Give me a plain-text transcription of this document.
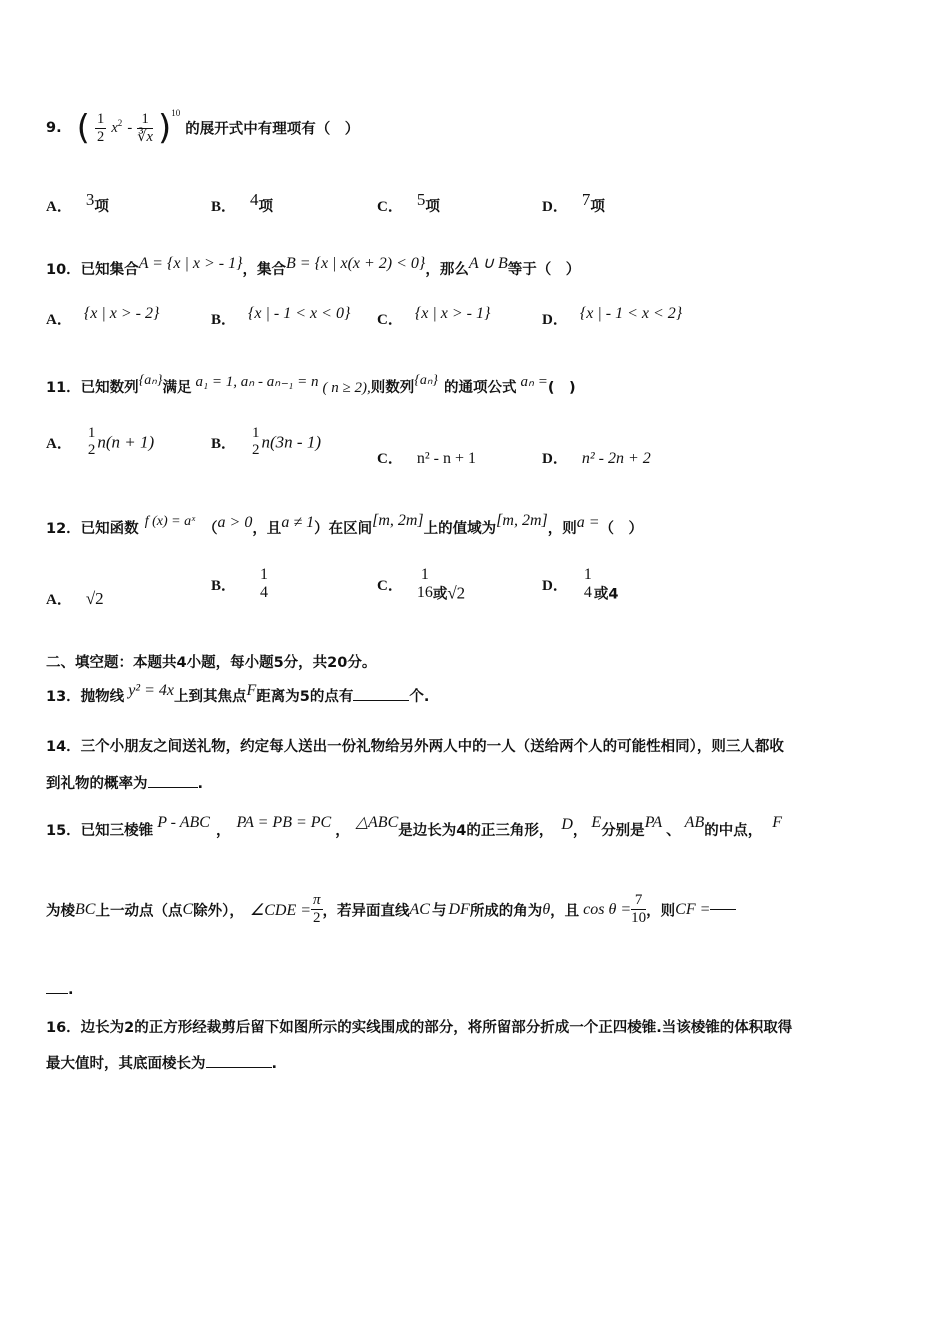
9. ( $\frac{1}{2} x^2 - \frac{1}{∛x} )^{10}$ 的展开式中有理项有（　）
A． 3项	B． 4项	C． 5项	D． 7项
10．已知集合A = {x | x > - 1}，集合B = {x | x(x + 2) < 0}，那么A ∪ B等于（　）
A． {x | x > - 2}	B． {x | - 1 < x < 0} C． {x | x > - 1}	D． {x | - 1 < x < 2}
11．已知数列{aₙ}满足 a₁ = 1, aₙ - aₙ₋₁ = n ( n ≥ 2),则数列{aₙ} 的通项公式 aₙ =(　)
A．
1
2 n(n + 1)	B．
1
2 n(3n - 1)
C． n² - n + 1	D． n² - 2n + 2
12．已知函数 f (x) = aˣ （a > 0，且a ≠ 1）在区间[m, 2m]上的值域为[m, 2m]，则a =（　）
A． √2
B．
1
4	C．
1
16 或√2	D．
1
4 或4
二、填空题：本题共4小题，每小题5分，共20分。
13．抛物线 y² = 4x上到其焦点F距离为5的点有	个.
14．三个小朋友之间送礼物，约定每人送出一份礼物给另外两人中的一人（送给两个人的可能性相同），则三人都收
到礼物的概率为	.
15．已知三棱锥 P - ABC ， PA = PB = PC ， △ABC是边长为4的正三角形， D， E分别是PA 、 AB的中点， F
为棱BC上一动点（点C除外）， ∠CDE = $\frac{\pi}{2}$ ，若异面直线AC 与 DF所成的角为θ，且 $\cos \theta = \frac{7}{10}$ ，则CF =
.
16．边长为2的正方形经裁剪后留下如图所示的实线围成的部分，将所留部分折成一个正四棱锥.当该棱锥的体积取得
最大值时，其底面棱长为	.
